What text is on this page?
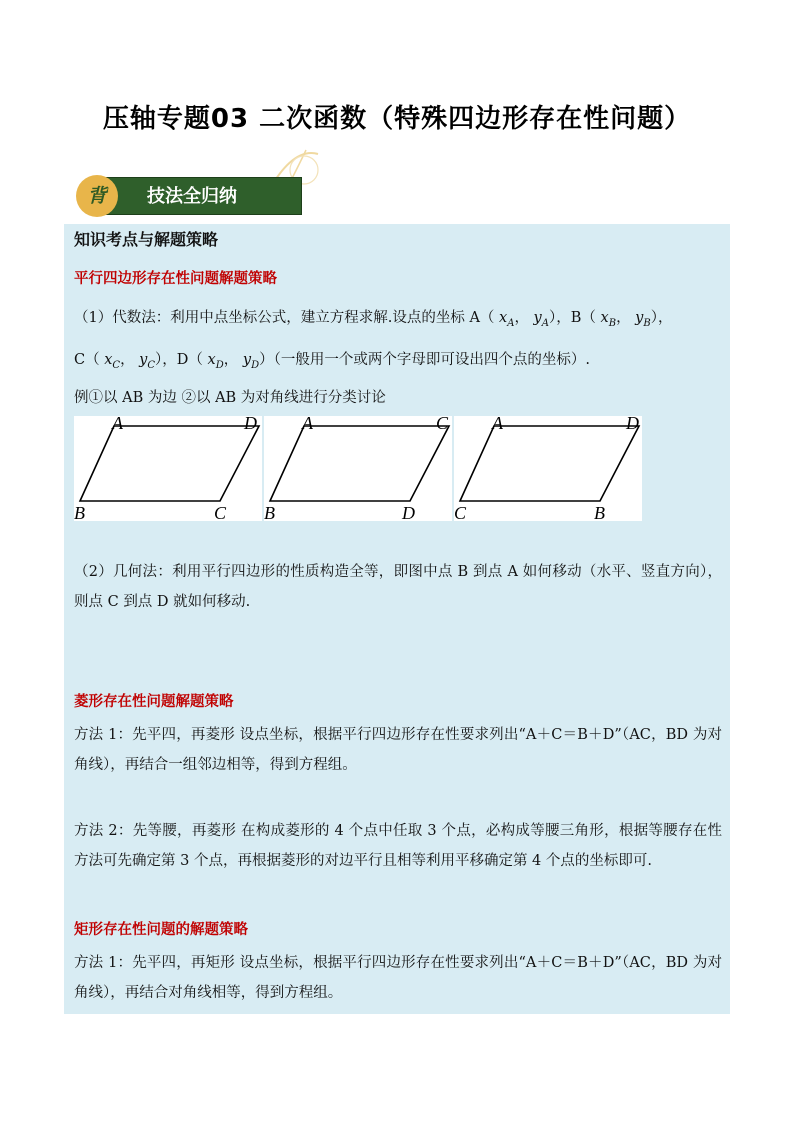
压轴专题03 二次函数（特殊四边形存在性问题）
背	技法全归纳
知识考点与解题策略
平行四边形存在性问题解题策略
（1）代数法：利用中点坐标公式，建立方程求解.设点的坐标 A（ $x_A$， $y_A$），B（ $x_B$， $y_B$），
C（ $x_C$， $y_C$），D（ $x_D$， $y_D$）（一般用一个或两个字母即可设出四个点的坐标）.
例①以 AB 为边 ②以 AB 为对角线进行分类讨论
A	D
B	C
A	C
B	D
A	D
C	B
（2）几何法：利用平行四边形的性质构造全等，即图中点 B 到点 A 如何移动（水平、竖直方向），则点 C 到点 D 就如何移动.
菱形存在性问题解题策略
方法 1：先平四，再菱形 设点坐标，根据平行四边形存在性要求列出“A＋C＝B＋D”（AC，BD 为对角线），再结合一组邻边相等，得到方程组。
方法 2：先等腰，再菱形 在构成菱形的 4 个点中任取 3 个点，必构成等腰三角形，根据等腰存在性方法可先确定第 3 个点，再根据菱形的对边平行且相等利用平移确定第 4 个点的坐标即可.
矩形存在性问题的解题策略
方法 1：先平四，再矩形 设点坐标，根据平行四边形存在性要求列出“A＋C＝B＋D”（AC，BD 为对角线），再结合对角线相等，得到方程组。
